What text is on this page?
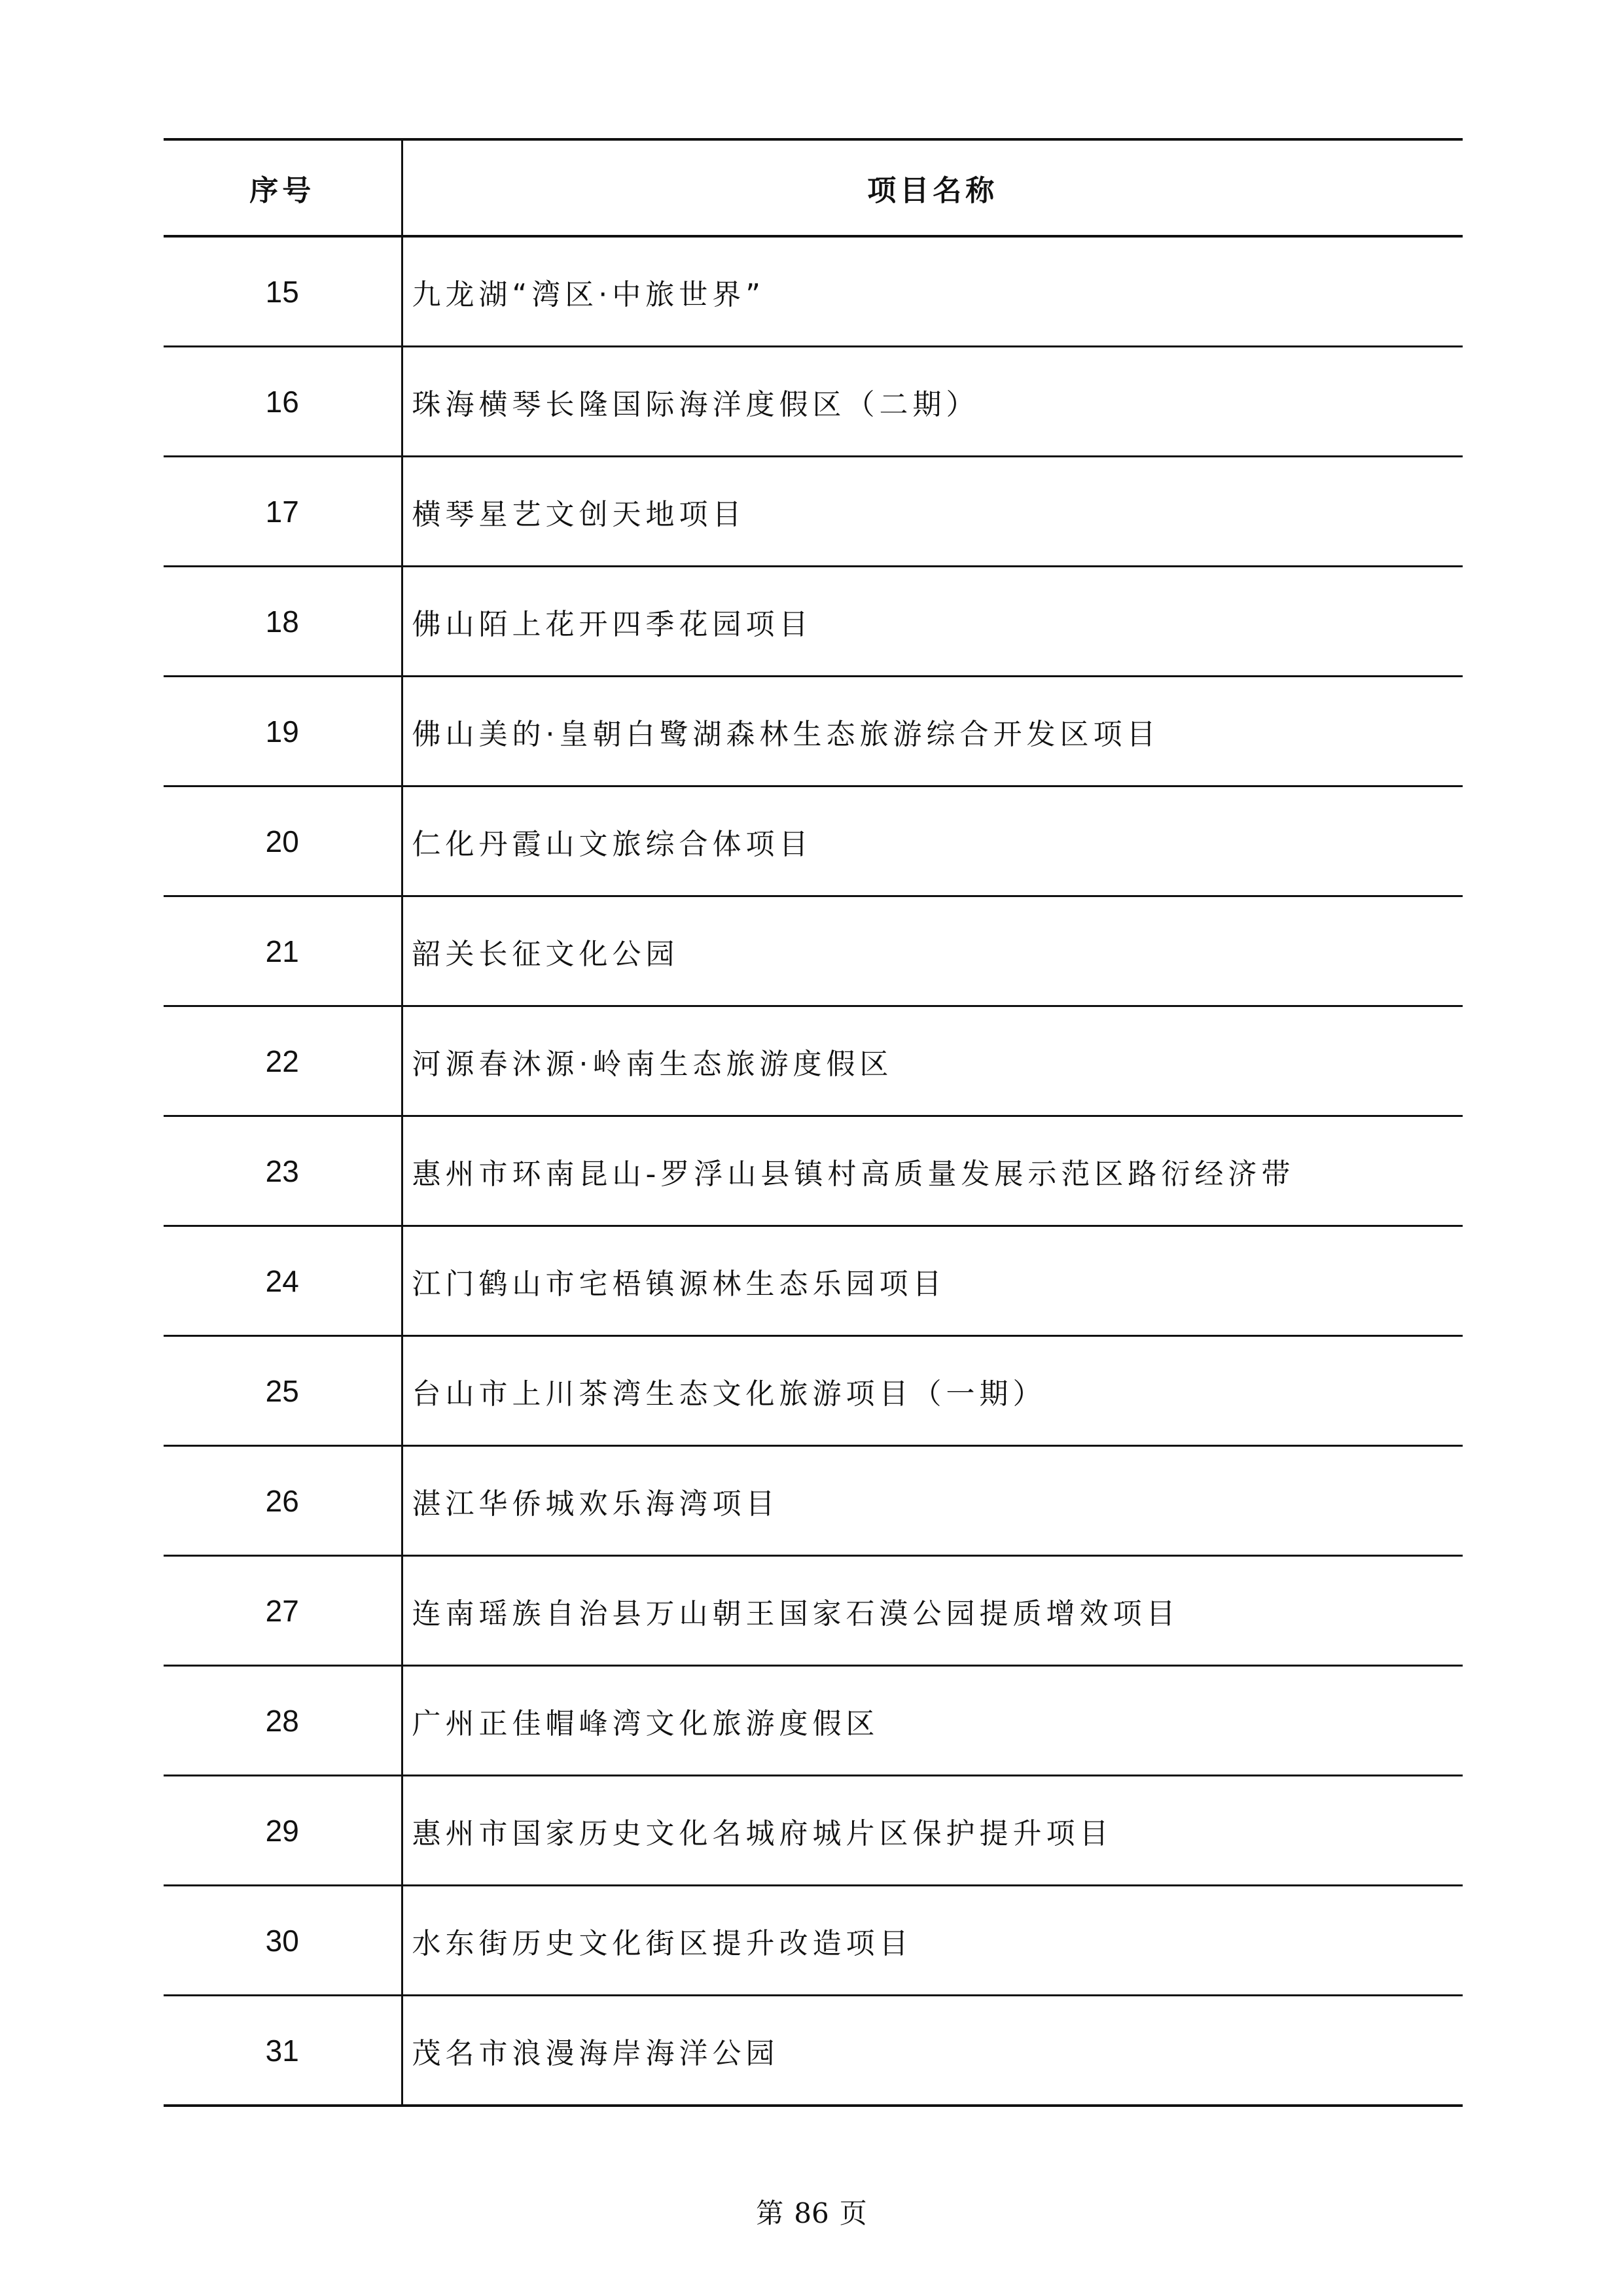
序号	项目名称
15	九龙湖“湾区·中旅世界”
16	珠海横琴长隆国际海洋度假区（二期）
17	横琴星艺文创天地项目
18	佛山陌上花开四季花园项目
19	佛山美的·皇朝白鹭湖森林生态旅游综合开发区项目
20	仁化丹霞山文旅综合体项目
21	韶关长征文化公园
22	河源春沐源·岭南生态旅游度假区
23	惠州市环南昆山-罗浮山县镇村高质量发展示范区路衍经济带
24	江门鹤山市宅梧镇源林生态乐园项目
25	台山市上川茶湾生态文化旅游项目（一期）
26	湛江华侨城欢乐海湾项目
27	连南瑶族自治县万山朝王国家石漠公园提质增效项目
28	广州正佳帽峰湾文化旅游度假区
29	惠州市国家历史文化名城府城片区保护提升项目
30	水东街历史文化街区提升改造项目
31	茂名市浪漫海岸海洋公园
第 86 页
